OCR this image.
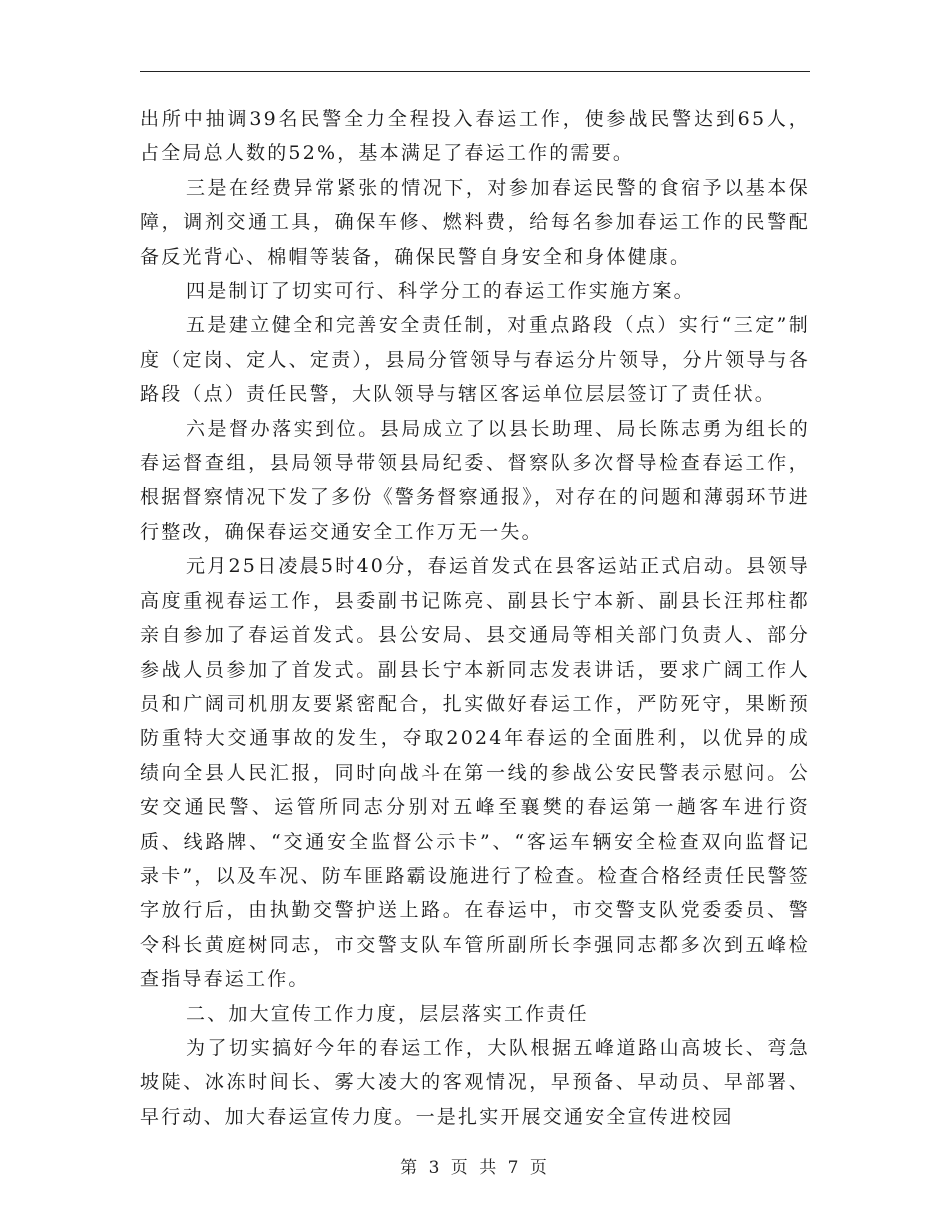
出所中抽调39名民警全力全程投入春运工作，使参战民警达到65人，占全局总人数的52%，基本满足了春运工作的需要。

三是在经费异常紧张的情况下，对参加春运民警的食宿予以基本保障，调剂交通工具，确保车修、燃料费，给每名参加春运工作的民警配备反光背心、棉帽等装备，确保民警自身安全和身体健康。

四是制订了切实可行、科学分工的春运工作实施方案。

五是建立健全和完善安全责任制，对重点路段（点）实行“三定”制度（定岗、定人、定责），县局分管领导与春运分片领导，分片领导与各路段（点）责任民警，大队领导与辖区客运单位层层签订了责任状。

六是督办落实到位。县局成立了以县长助理、局长陈志勇为组长的春运督查组，县局领导带领县局纪委、督察队多次督导检查春运工作，根据督察情况下发了多份《警务督察通报》，对存在的问题和薄弱环节进行整改，确保春运交通安全工作万无一失。

元月25日凌晨5时40分，春运首发式在县客运站正式启动。县领导高度重视春运工作，县委副书记陈亮、副县长宁本新、副县长汪邦柱都亲自参加了春运首发式。县公安局、县交通局等相关部门负责人、部分参战人员参加了首发式。副县长宁本新同志发表讲话，要求广阔工作人员和广阔司机朋友要紧密配合，扎实做好春运工作，严防死守，果断预防重特大交通事故的发生，夺取2024年春运的全面胜利，以优异的成绩向全县人民汇报，同时向战斗在第一线的参战公安民警表示慰问。公安交通民警、运管所同志分别对五峰至襄樊的春运第一趟客车进行资质、线路牌、“交通安全监督公示卡”、“客运车辆安全检查双向监督记录卡”，以及车况、防车匪路霸设施进行了检查。检查合格经责任民警签字放行后，由执勤交警护送上路。在春运中，市交警支队党委委员、警令科长黄庭树同志，市交警支队车管所副所长李强同志都多次到五峰检查指导春运工作。

二、加大宣传工作力度，层层落实工作责任

为了切实搞好今年的春运工作，大队根据五峰道路山高坡长、弯急坡陡、冰冻时间长、雾大凌大的客观情况，早预备、早动员、早部署、早行动、加大春运宣传力度。一是扎实开展交通安全宣传进校园

第 3 页 共 7 页
